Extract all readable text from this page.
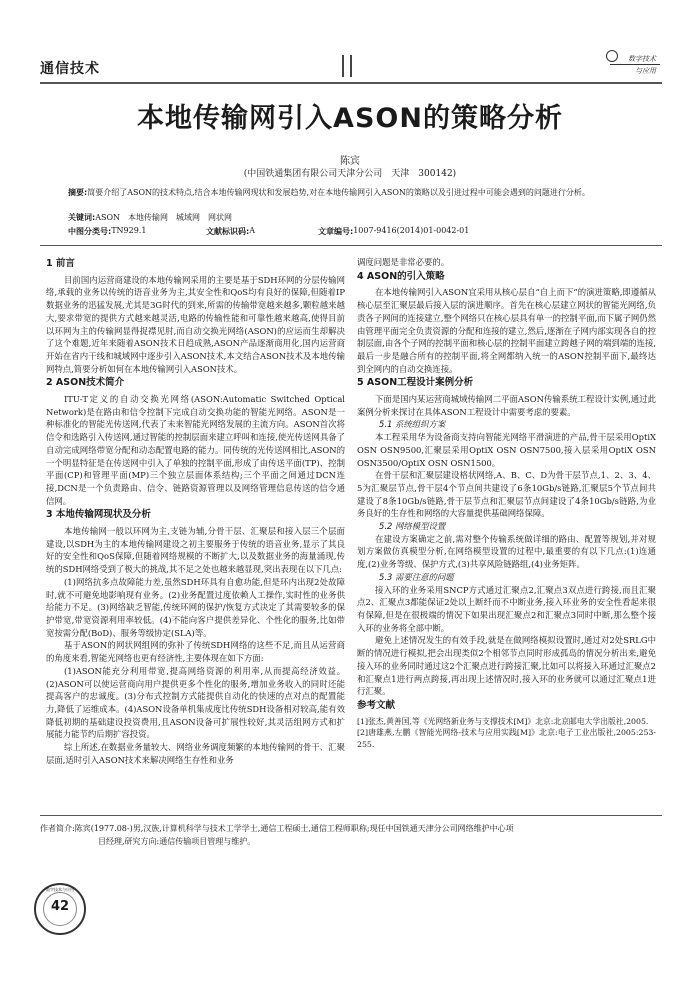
通信技术
数字技术
与应用
本地传输网引入ASON的策略分析
陈宾
(中国铁通集团有限公司天津分公司　天津　300142)
摘要:简要介绍了ASON的技术特点,结合本地传输网现状和发展趋势,对在本地传输网引入ASON的策略以及引进过程中可能会遇到的问题进行分析。
关键词:ASON　本地传输网　城域网　网状网
中图分类号: TN929.1	文献标识码: A	文章编号: 1007-9416(2014)01-0042-01
1 前言

目前国内运营商建设的本地传输网采用的主要是基于SDH环网的分层传输网络,承载的业务以传统的语音业务为主,其安全性和QoS均有良好的保障,但随着IP数据业务的迅猛发展,尤其是3G时代的到来,所需的传输带宽越来越多,颗粒越来越大,要求带宽的提供方式越来越灵活,电路的传输性能和可靠性越来越高,使得目前以环网为主的传输网显得捉襟见肘,而自动交换光网络(ASON)的应运而生却解决了这个难题,近年来随着ASON技术日趋成熟,ASON产品逐渐商用化,国内运营商开始在省内干线和城域网中逐步引入ASON技术,本文结合ASON技术及本地传输网特点,简要分析如何在本地传输网引入ASON技术。

2 ASON技术简介

ITU-T定义的自动交换光网络(ASON:Automatic Switched Optical Network)是在路由和信令控制下完成自动交换功能的智能光网络。ASON是一种标准化的智能光传送网,代表了未来智能光网络发展的主流方向。ASON首次将信令和选路引入传送网,通过智能的控制层面来建立呼叫和连接,使光传送网具备了自动完成网络带宽分配和动态配置电路的能力。同传统的光传送网相比,ASON的一个明显特征是在传送网中引入了单独的控制平面,形成了由传送平面(TP)、控制平面(CP)和管理平面(MP)三个独立层面体系结构;三个平面之间通过DCN连接,DCN是一个负责路由、信令、链路资源管理以及网络管理信息传送的信令通信网。

3 本地传输网现状及分析

本地传输网一般以环网为主,支链为辅,分骨干层、汇聚层和接入层三个层面建设,以SDH为主的本地传输网建设之初主要服务于传统的语音业务,显示了其良好的安全性和QoS保障,但随着网络规模的不断扩大,以及数据业务的海量涌现,传统的SDH网络受到了极大的挑战,其不足之处也越来越显现,突出表现在以下几点:

(1)网络抗多点故障能力差,虽然SDH环具有自愈功能,但是环内出现2处故障时,就不可避免地影响现有业务。(2)业务配置过度依赖人工操作,实时性的业务供给能力不足。(3)网络缺乏智能,传统环网的保护/恢复方式决定了其需要较多的保护带宽,带宽资源利用率较低。(4)不能向客户提供差异化、个性化的服务,比如带宽按需分配(BoD)、服务等级协定(SLA)等。

基于ASON的网状网组网的弥补了传统SDH网络的这些不足,而且从运营商的角度来看,智能光网络也更有经济性,主要体现在如下方面:

(1)ASON能充分利用带宽,提高网络资源的利用率,从而提高经济效益。(2)ASON可以使运营商向用户提供更多个性化的服务,增加业务收入的同时还能提高客户的忠诚度。(3)分布式控制方式能提供自动化的快速的点对点的配置能力,降低了运维成本。(4)ASON设备单机集成度比传统SDH设备相对较高,能有效降低初期的基础建设投资费用,且ASON设备可扩展性较好,其灵活组网方式和扩展能力能节约后期扩容投资。

综上所述,在数据业务量较大、网络业务调度频繁的本地传输网的骨干、汇聚层面,适时引入ASON技术来解决网络生存性和业务

调度问题是非常必要的。

4 ASON的引入策略

在本地传输网引入ASON宜采用从核心层自“自上而下”的演进策略,即遵循从核心层至汇聚层最后接入层的演进顺序。首先在核心层建立网状的智能光网络,负责各子网间的连接建立,整个网络只在核心层具有单一的控制平面,而下属子网仍然由管理平面完全负责资源的分配和连接的建立,然后,逐渐在子网内部实现各自的控制层面,由各个子网的控制平面和核心层的控制平面建立跨越子网的端到端的连接,最后一步是融合所有的控制平面,将全网都纳入统一的ASON控制平面下,最终达到全网内的自动交换连接。

5 ASON工程设计案例分析

下面是国内某运营商城域传输网二平面ASON传输系统工程设计实例,通过此案例分析来探讨在具体ASON工程设计中需要考虑的要素。

5.1 系统组织方案

本工程采用华为设备商支持向智能光网络平滑演进的产品,骨干层采用OptiX OSN OSN9500,汇聚层采用OptiX OSN OSN7500,接入层采用OptiX OSN OSN3500/OptiX OSN OSN1500。

在骨干层和汇聚层建设格状网络,A、B、C、D为骨干层节点,1、2、3、4、5为汇聚层节点,骨干层4个节点间共建设了6条10Gb/s链路,汇聚层5个节点间共建设了8条10Gb/s链路,骨干层节点和汇聚层节点间建设了4条10Gb/s链路,为业务良好的生存性和网络的大容量提供基础网络保障。

5.2 网络模型设置

在建设方案确定之前,需对整个传输系统做详细的路由、配置等规划,并对规划方案做仿真模型分析,在网络模型设置的过程中,最重要的有以下几点:(1)连通度,(2)业务等级、保护方式,(3)共享风险链路组,(4)业务矩阵。

5.3 需要注意的问题

接入环的业务采用SNCP方式通过汇聚点2,汇聚点3双点进行跨接,而且汇聚点2、汇聚点3都能保证2处以上断纤而不中断业务,接入环业务的安全性看起来很有保障,但是在很极端的情况下如果出现汇聚点2和汇聚点3同时中断,那么整个接入环的业务将全部中断。

避免上述情况发生的有效手段,就是在做网络模拟设置时,通过对2处SRLG中断的情况进行模拟,把会出现类似2个相邻节点同时形成孤岛的情况分析出来,避免接入环的业务同时通过这2个汇聚点进行跨接汇聚,比如可以将接入环通过汇聚点2和汇聚点1进行两点跨接,再出现上述情况时,接入环的业务就可以通过汇聚点1进行汇聚。

参考文献

[1]张杰,黄善国,等《光网络新业务与支撑技术[M]》北京:北京邮电大学出版社,2005.

[2]唐雄燕,左鹏《智能光网络-技术与应用实践[M]》北京:电子工业出版社,2005:253-255.

作者简介:陈宾(1977.08-)男,汉族,计算机科学与技术工学学士,通信工程硕士,通信工程师职称;现任中国铁通天津分公司网络维护中心项
目经理,研究方向:通信传输项目管理与维护。
数字技术与应用
42
